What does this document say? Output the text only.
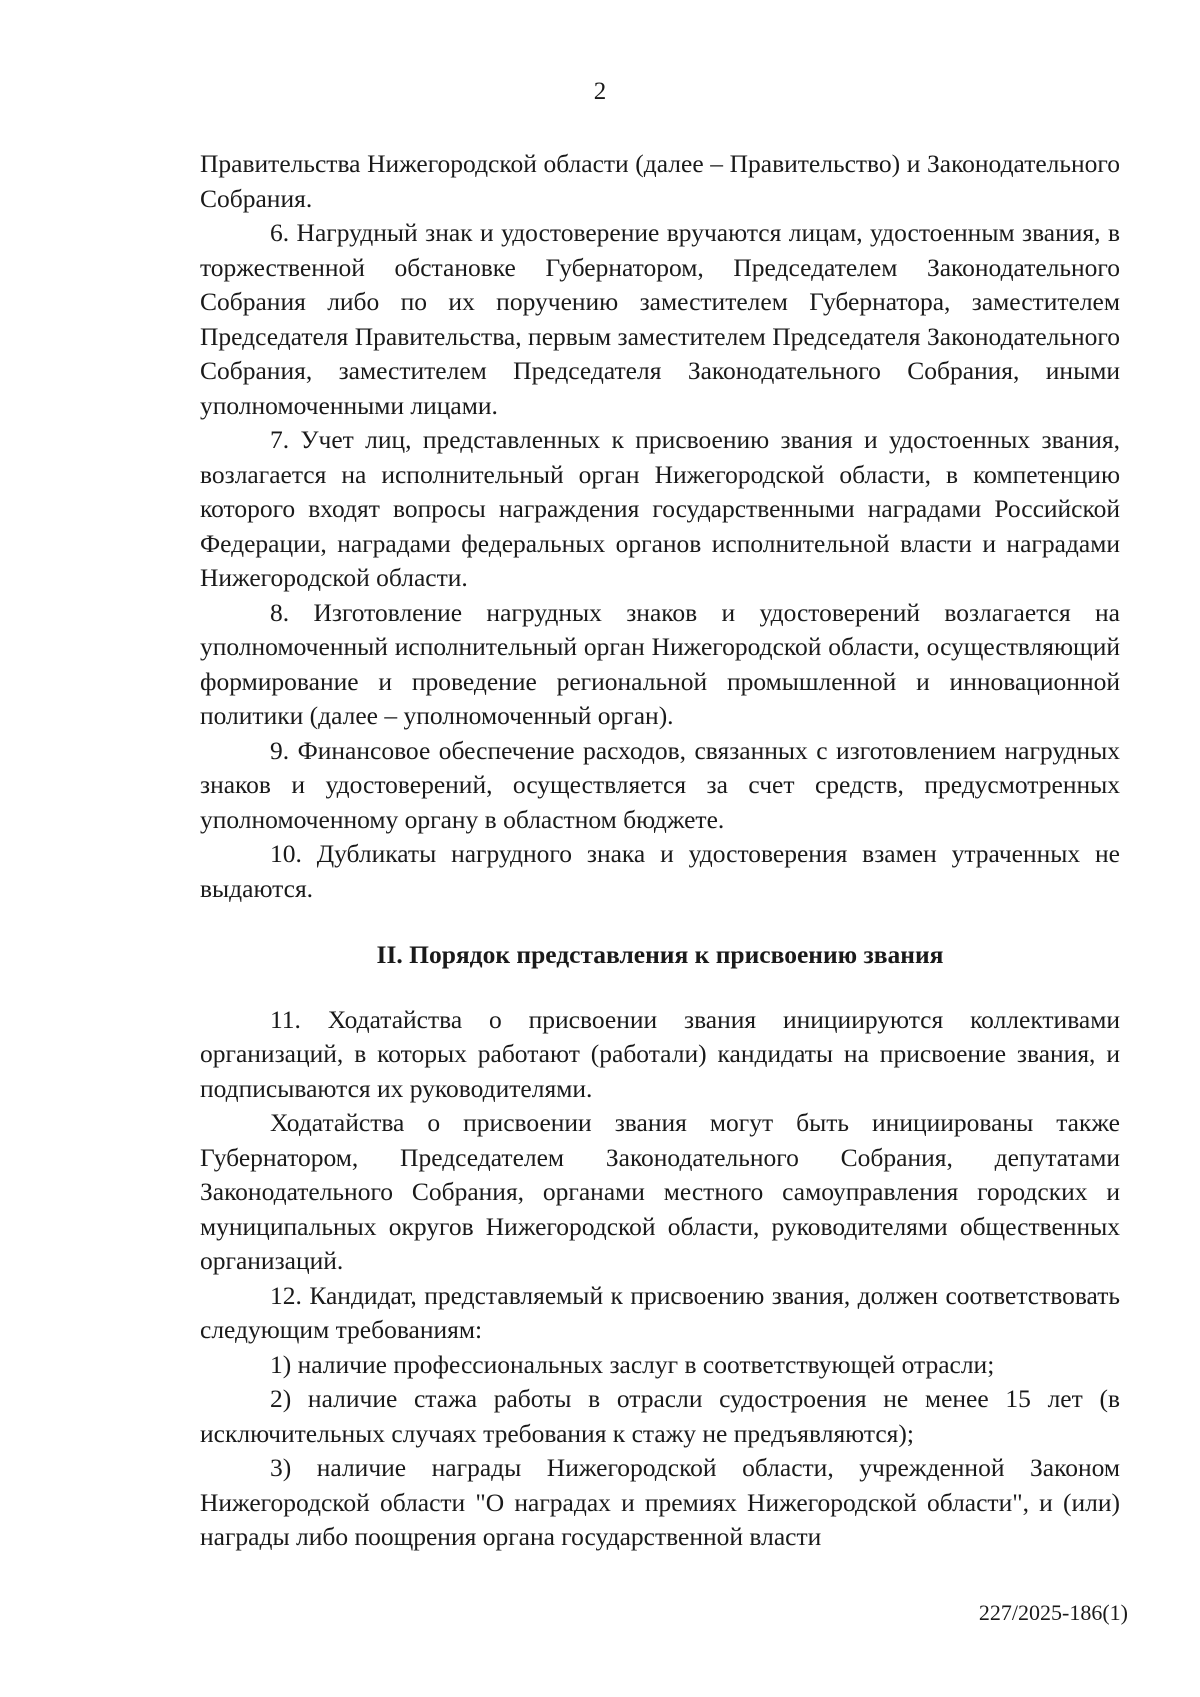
2

Правительства Нижегородской области (далее – Правительство) и Законодательного Собрания.

6. Нагрудный знак и удостоверение вручаются лицам, удостоенным звания, в торжественной обстановке Губернатором, Председателем Законодательного Собрания либо по их поручению заместителем Губернатора, заместителем Председателя Правительства, первым заместителем Председателя Законодательного Собрания, заместителем Председателя Законодательного Собрания, иными уполномоченными лицами.

7. Учет лиц, представленных к присвоению звания и удостоенных звания, возлагается на исполнительный орган Нижегородской области, в компетенцию которого входят вопросы награждения государственными наградами Российской Федерации, наградами федеральных органов исполнительной власти и наградами Нижегородской области.

8. Изготовление нагрудных знаков и удостоверений возлагается на уполномоченный исполнительный орган Нижегородской области, осуществляющий формирование и проведение региональной промышленной и инновационной политики (далее – уполномоченный орган).

9. Финансовое обеспечение расходов, связанных с изготовлением нагрудных знаков и удостоверений, осуществляется за счет средств, предусмотренных уполномоченному органу в областном бюджете.

10. Дубликаты нагрудного знака и удостоверения взамен утраченных не выдаются.

II. Порядок представления к присвоению звания

11. Ходатайства о присвоении звания инициируются коллективами организаций, в которых работают (работали) кандидаты на присвоение звания, и подписываются их руководителями.

Ходатайства о присвоении звания могут быть инициированы также Губернатором, Председателем Законодательного Собрания, депутатами Законодательного Собрания, органами местного самоуправления городских и муниципальных округов Нижегородской области, руководителями общественных организаций.

12. Кандидат, представляемый к присвоению звания, должен соответствовать следующим требованиям:

1) наличие профессиональных заслуг в соответствующей отрасли;

2) наличие стажа работы в отрасли судостроения не менее 15 лет (в исключительных случаях требования к стажу не предъявляются);

3) наличие награды Нижегородской области, учрежденной Законом Нижегородской области "О наградах и премиях Нижегородской области", и (или) награды либо поощрения органа государственной власти

227/2025-186(1)
